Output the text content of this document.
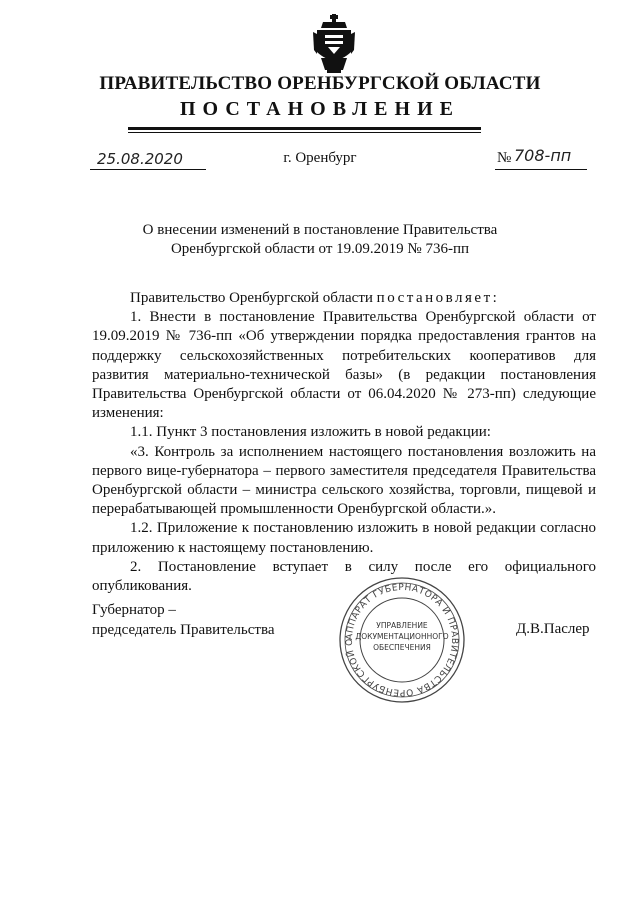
ПРАВИТЕЛЬСТВО ОРЕНБУРГСКОЙ ОБЛАСТИ
ПОСТАНОВЛЕНИЕ
25.08.2020	г. Оренбург	№ 708-пп
О внесении изменений в постановление Правительства
Оренбургской области от 19.09.2019 № 736-пп

Правительство Оренбургской области постановляет:

1. Внести в постановление Правительства Оренбургской области от 19.09.2019 № 736-пп «Об утверждении порядка предоставления грантов на поддержку сельскохозяйственных потребительских кооперативов для развития материально-технической базы» (в редакции постановления Правительства Оренбургской области от 06.04.2020 № 273-пп) следующие изменения:

1.1. Пункт 3 постановления изложить в новой редакции:

«3. Контроль за исполнением настоящего постановления возложить на первого вице-губернатора – первого заместителя председателя Правительства Оренбургской области – министра сельского хозяйства, торговли, пищевой и перерабатывающей промышленности Оренбургской области.».

1.2. Приложение к постановлению изложить в новой редакции согласно приложению к настоящему постановлению.

2. Постановление вступает в силу после его официального опубликования.

Губернатор –
председатель Правительства	АППАРАТ ГУБЕРНАТОРА И ПРАВИТЕЛЬСТВА ОРЕНБУРГСКОЙ О
УПРАВЛЕНИЕ
ДОКУМЕНТАЦИОННОГО
ОБЕСПЕЧЕНИЯ
Д.В.Паслер
